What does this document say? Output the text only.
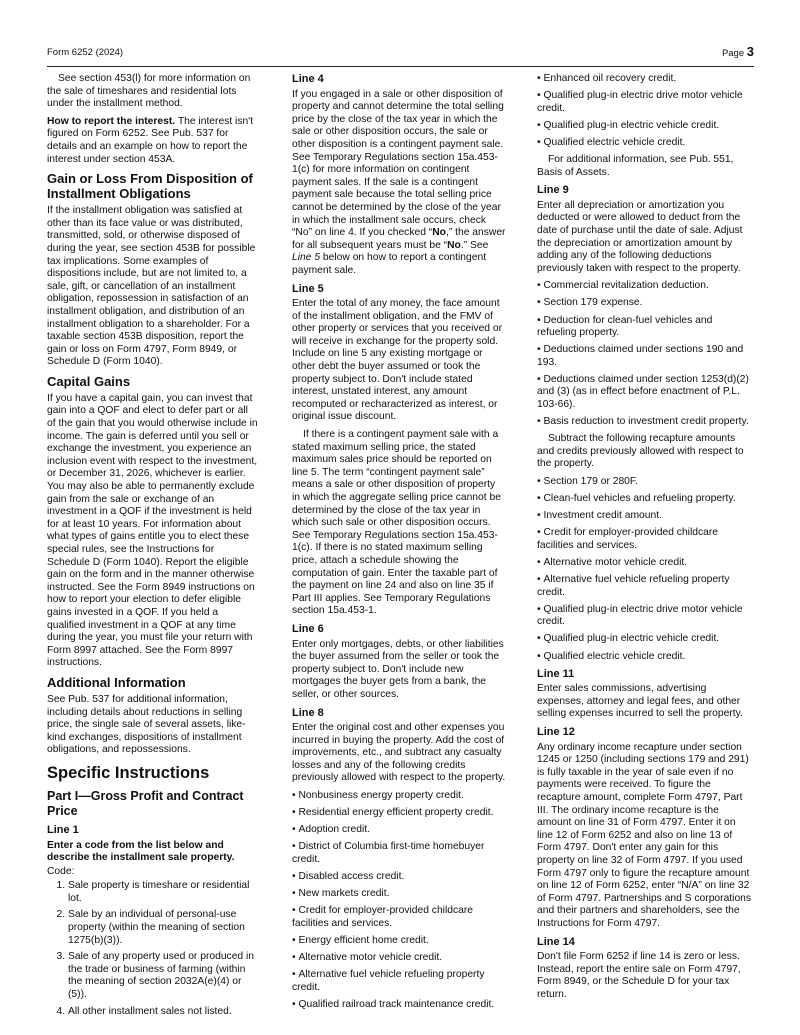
Form 6252 (2024)	Page 3

See section 453(l) for more information on the sale of timeshares and residential lots under the installment method.

How to report the interest. The interest isn't figured on Form 6252. See Pub. 537 for details and an example on how to report the interest under section 453A.

Gain or Loss From Disposition of Installment Obligations

If the installment obligation was satisfied at other than its face value or was distributed, transmitted, sold, or otherwise disposed of during the year, see section 453B for possible tax implications. Some examples of dispositions include, but are not limited to, a sale, gift, or cancellation of an installment obligation, repossession in satisfaction of an installment obligation, and distribution of an installment obligation to a shareholder. For a taxable section 453B disposition, report the gain or loss on Form 4797, Form 8949, or Schedule D (Form 1040).

Capital Gains

If you have a capital gain, you can invest that gain into a QOF and elect to defer part or all of the gain that you would otherwise include in income. The gain is deferred until you sell or exchange the investment, you experience an inclusion event with respect to the investment, or December 31, 2026, whichever is earlier. You may also be able to permanently exclude gain from the sale or exchange of an investment in a QOF if the investment is held for at least 10 years. For information about what types of gains entitle you to elect these special rules, see the Instructions for Schedule D (Form 1040). Report the eligible gain on the form and in the manner otherwise instructed. See the Form 8949 instructions on how to report your election to defer eligible gains invested in a QOF. If you held a qualified investment in a QOF at any time during the year, you must file your return with Form 8997 attached. See the Form 8997 instructions.

Additional Information

See Pub. 537 for additional information, including details about reductions in selling price, the single sale of several assets, like-kind exchanges, dispositions of installment obligations, and repossessions.

Specific Instructions
Part I—Gross Profit and Contract Price
Line 1

Enter a code from the list below and describe the installment sale property.

Code:

1. Sale property is timeshare or residential lot.
2. Sale by an individual of personal-use property (within the meaning of section 1275(b)(3)).
3. Sale of any property used or produced in the trade or business of farming (within the meaning of section 2032A(e)(4) or (5)).
4. All other installment sales not listed.
Line 4

If you engaged in a sale or other disposition of property and cannot determine the total selling price by the close of the tax year in which the sale or other disposition occurs, the sale or other disposition is a contingent payment sale. See Temporary Regulations section 15a.453-1(c) for more information on contingent payment sales. If the sale is a contingent payment sale because the total selling price cannot be determined by the close of the year in which the installment sale occurs, check “No” on line 4. If you checked “No,” the answer for all subsequent years must be “No.” See Line 5 below on how to report a contingent payment sale.

Line 5

Enter the total of any money, the face amount of the installment obligation, and the FMV of other property or services that you received or will receive in exchange for the property sold. Include on line 5 any existing mortgage or other debt the buyer assumed or took the property subject to. Don't include stated interest, unstated interest, any amount recomputed or recharacterized as interest, or original issue discount.

If there is a contingent payment sale with a stated maximum selling price, the stated maximum sales price should be reported on line 5. The term “contingent payment sale” means a sale or other disposition of property in which the aggregate selling price cannot be determined by the close of the tax year in which such sale or other disposition occurs. See Temporary Regulations section 15a.453-1(c). If there is no stated maximum selling price, attach a schedule showing the computation of gain. Enter the taxable part of the payment on line 24 and also on line 35 if Part III applies. See Temporary Regulations section 15a.453-1.

Line 6

Enter only mortgages, debts, or other liabilities the buyer assumed from the seller or took the property subject to. Don't include new mortgages the buyer gets from a bank, the seller, or other sources.

Line 8

Enter the original cost and other expenses you incurred in buying the property. Add the cost of improvements, etc., and subtract any casualty losses and any of the following credits previously allowed with respect to the property.

• Nonbusiness energy property credit.
• Residential energy efficient property credit.
• Adoption credit.
• District of Columbia first-time homebuyer credit.
• Disabled access credit.
• New markets credit.
• Credit for employer-provided childcare facilities and services.
• Energy efficient home credit.
• Alternative motor vehicle credit.
• Alternative fuel vehicle refueling property credit.
• Qualified railroad track maintenance credit.
• Enhanced oil recovery credit.
• Qualified plug-in electric drive motor vehicle credit.
• Qualified plug-in electric vehicle credit.
• Qualified electric vehicle credit.

For additional information, see Pub. 551, Basis of Assets.

Line 9

Enter all depreciation or amortization you deducted or were allowed to deduct from the date of purchase until the date of sale. Adjust the depreciation or amortization amount by adding any of the following deductions previously taken with respect to the property.

• Commercial revitalization deduction.
• Section 179 expense.
• Deduction for clean-fuel vehicles and refueling property.
• Deductions claimed under sections 190 and 193.
• Deductions claimed under section 1253(d)(2) and (3) (as in effect before enactment of P.L. 103-66).
• Basis reduction to investment credit property.

Subtract the following recapture amounts and credits previously allowed with respect to the property.

• Section 179 or 280F.
• Clean-fuel vehicles and refueling property.
• Investment credit amount.
• Credit for employer-provided childcare facilities and services.
• Alternative motor vehicle credit.
• Alternative fuel vehicle refueling property credit.
• Qualified plug-in electric drive motor vehicle credit.
• Qualified plug-in electric vehicle credit.
• Qualified electric vehicle credit.
Line 11

Enter sales commissions, advertising expenses, attorney and legal fees, and other selling expenses incurred to sell the property.

Line 12

Any ordinary income recapture under section 1245 or 1250 (including sections 179 and 291) is fully taxable in the year of sale even if no payments were received. To figure the recapture amount, complete Form 4797, Part III. The ordinary income recapture is the amount on line 31 of Form 4797. Enter it on line 12 of Form 6252 and also on line 13 of Form 4797. Don't enter any gain for this property on line 32 of Form 4797. If you used Form 4797 only to figure the recapture amount on line 12 of Form 6252, enter “N/A” on line 32 of Form 4797. Partnerships and S corporations and their partners and shareholders, see the Instructions for Form 4797.

Line 14

Don't file Form 6252 if line 14 is zero or less. Instead, report the entire sale on Form 4797, Form 8949, or the Schedule D for your tax return.
